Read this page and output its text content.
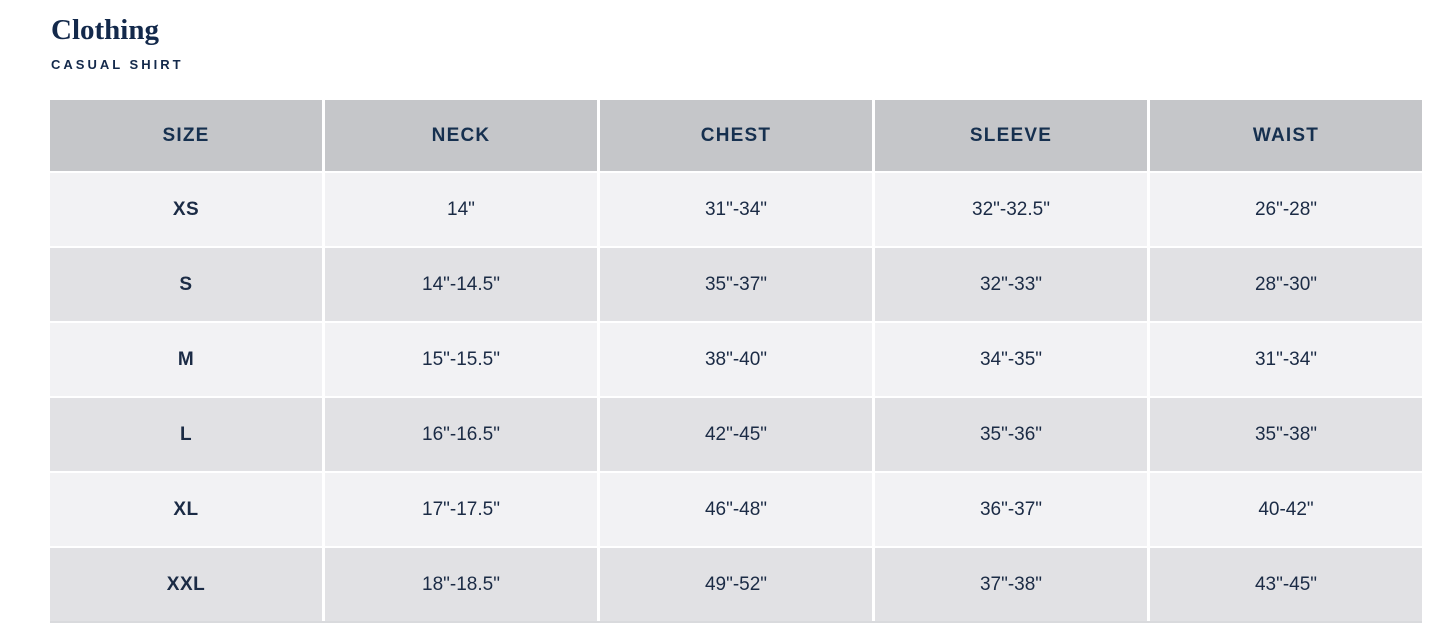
Clothing
CASUAL SHIRT
SIZE	NECK	CHEST	SLEEVE	WAIST
XS	14"	31"-34"	32"-32.5"	26"-28"
S	14"-14.5"	35"-37"	32"-33"	28"-30"
M	15"-15.5"	38"-40"	34"-35"	31"-34"
L	16"-16.5"	42"-45"	35"-36"	35"-38"
XL	17"-17.5"	46"-48"	36"-37"	40-42"
XXL	18"-18.5"	49"-52"	37"-38"	43"-45"
